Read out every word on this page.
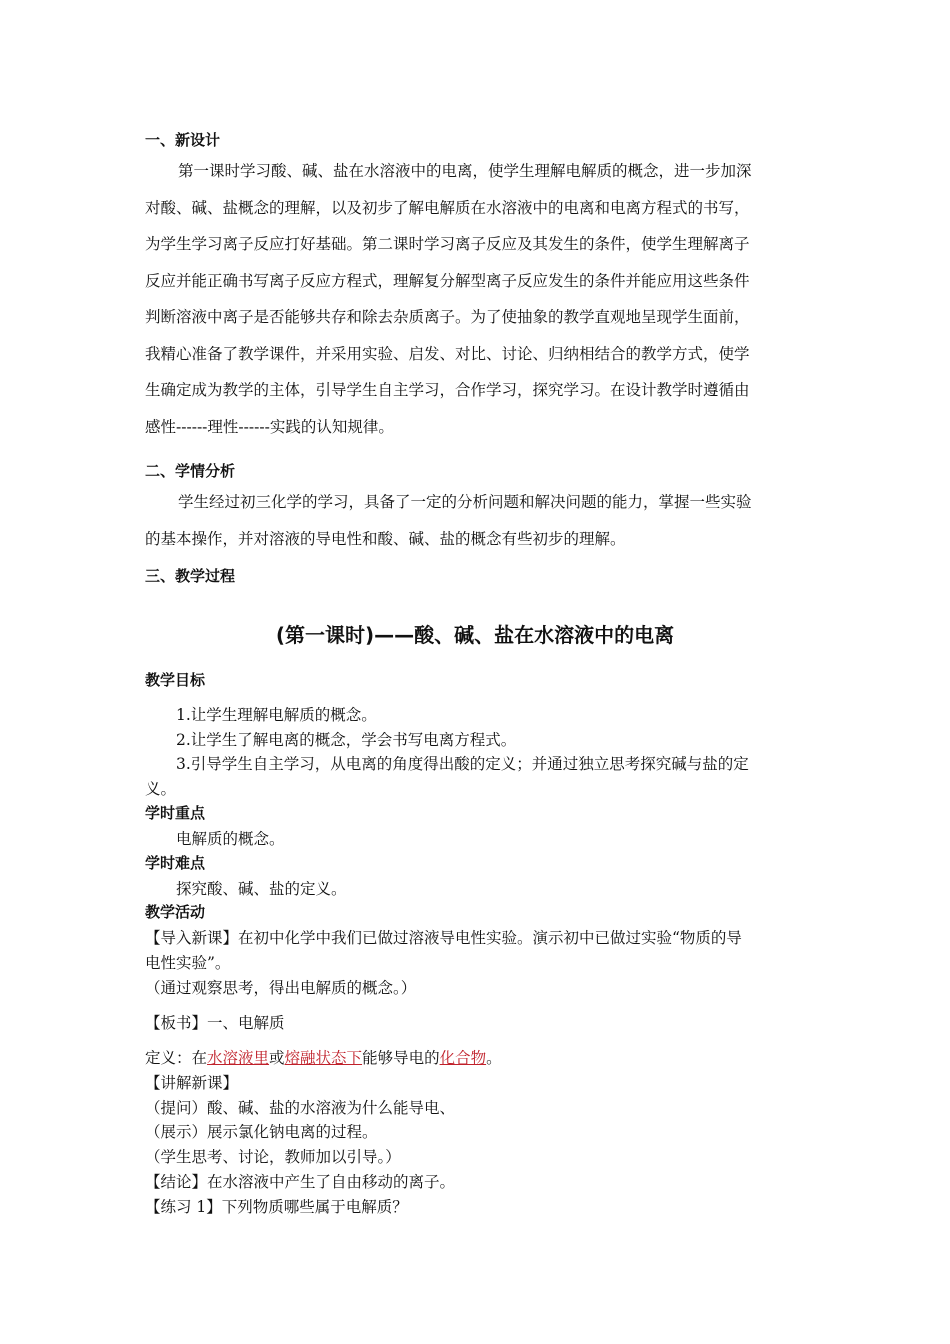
一、新设计

第一课时学习酸、碱、盐在水溶液中的电离，使学生理解电解质的概念，进一步加深

对酸、碱、盐概念的理解，以及初步了解电解质在水溶液中的电离和电离方程式的书写，

为学生学习离子反应打好基础。第二课时学习离子反应及其发生的条件，使学生理解离子

反应并能正确书写离子反应方程式，理解复分解型离子反应发生的条件并能应用这些条件

判断溶液中离子是否能够共存和除去杂质离子。为了使抽象的教学直观地呈现学生面前，

我精心准备了教学课件，并采用实验、启发、对比、讨论、归纳相结合的教学方式，使学

生确定成为教学的主体，引导学生自主学习，合作学习，探究学习。在设计教学时遵循由

感性------理性------实践的认知规律。

二、学情分析

学生经过初三化学的学习，具备了一定的分析问题和解决问题的能力，掌握一些实验

的基本操作，并对溶液的导电性和酸、碱、盐的概念有些初步的理解。

三、教学过程
(第一课时)——酸、碱、盐在水溶液中的电离
教学目标
1.让学生理解电解质的概念。
2.让学生了解电离的概念，学会书写电离方程式。
3.引导学生自主学习，从电离的角度得出酸的定义；并通过独立思考探究碱与盐的定
义。
学时重点
电解质的概念。
学时难点
探究酸、碱、盐的定义。
教学活动
【导入新课】在初中化学中我们已做过溶液导电性实验。演示初中已做过实验“物质的导
电性实验”。
（通过观察思考，得出电解质的概念。）
【板书】一、电解质
定义：在水溶液里或熔融状态下能够导电的化合物。
【讲解新课】
（提问）酸、碱、盐的水溶液为什么能导电、
（展示）展示氯化钠电离的过程。
（学生思考、讨论，教师加以引导。）
【结论】在水溶液中产生了自由移动的离子。
【练习 1】下列物质哪些属于电解质？
